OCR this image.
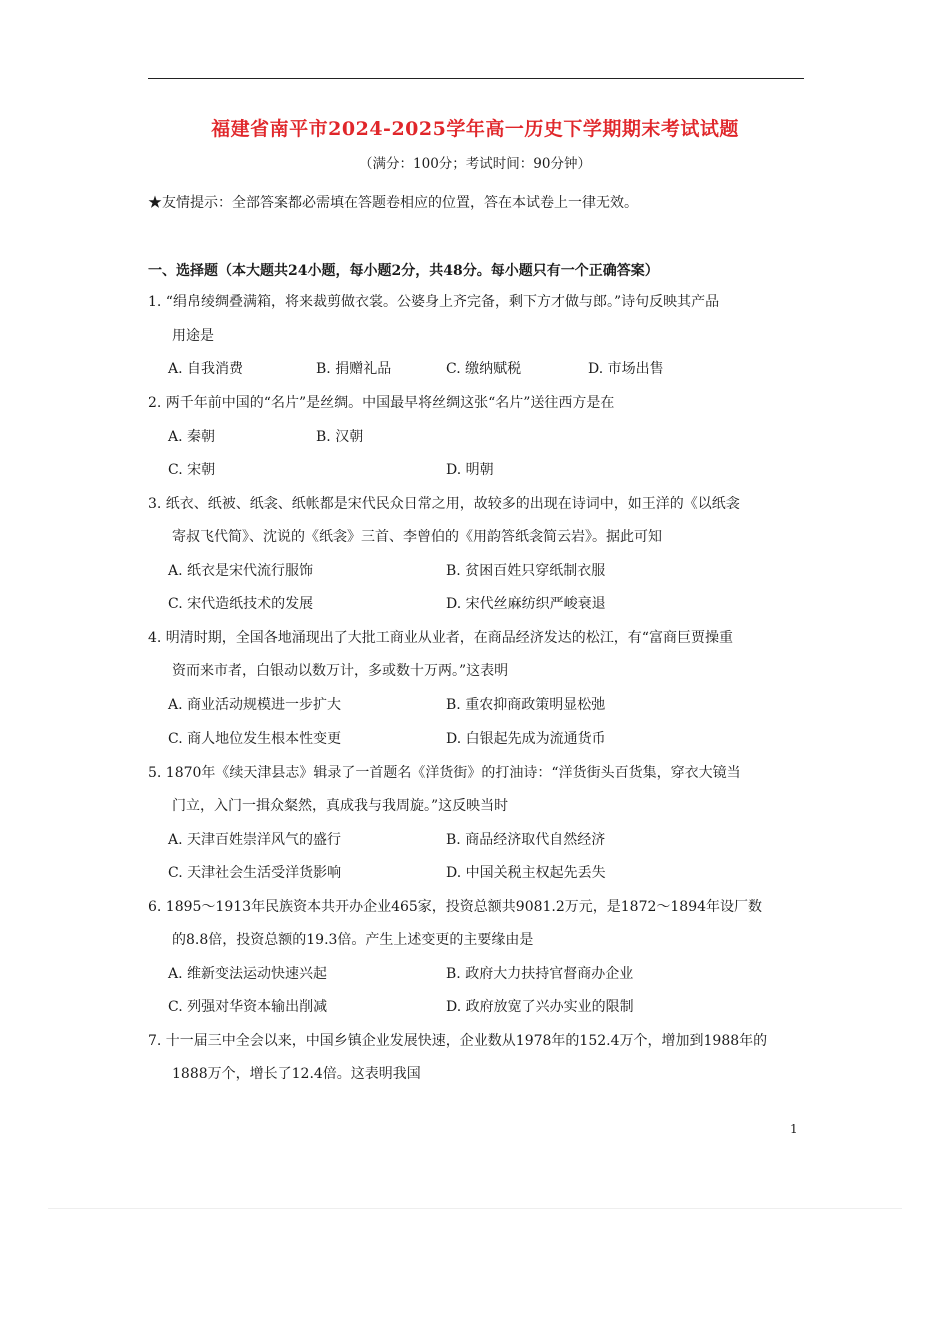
福建省南平市2024-2025学年高一历史下学期期末考试试题
（满分：100分；考试时间：90分钟）
★友情提示：全部答案都必需填在答题卷相应的位置，答在本试卷上一律无效。
一、选择题（本大题共24小题，每小题2分，共48分。每小题只有一个正确答案）
1. “绢帛绫绸叠满箱，将来裁剪做衣裳。公婆身上齐完备，剩下方才做与郎。”诗句反映其产品
用途是
A. 自我消费	B. 捐赠礼品	C. 缴纳赋税	D. 市场出售
2. 两千年前中国的“名片”是丝绸。中国最早将丝绸这张“名片”送往西方是在
A. 秦朝	B. 汉朝
C. 宋朝	D. 明朝
3. 纸衣、纸被、纸衾、纸帐都是宋代民众日常之用，故较多的出现在诗词中，如王洋的《以纸衾
寄叔飞代简》、沈说的《纸衾》三首、李曾伯的《用韵答纸衾简云岩》。据此可知
A. 纸衣是宋代流行服饰	B. 贫困百姓只穿纸制衣服
C. 宋代造纸技术的发展	D. 宋代丝麻纺织严峻衰退
4. 明清时期，全国各地涌现出了大批工商业从业者，在商品经济发达的松江，有“富商巨贾操重
资而来市者，白银动以数万计，多或数十万两。”这表明
A. 商业活动规模进一步扩大	B. 重农抑商政策明显松弛
C. 商人地位发生根本性变更	D. 白银起先成为流通货币
5. 1870年《续天津县志》辑录了一首题名《洋货街》的打油诗：“洋货街头百货集，穿衣大镜当
门立，入门一揖众粲然，真成我与我周旋。”这反映当时
A. 天津百姓崇洋风气的盛行	B. 商品经济取代自然经济
C. 天津社会生活受洋货影响	D. 中国关税主权起先丢失
6. 1895～1913年民族资本共开办企业465家，投资总额共9081.2万元，是1872～1894年设厂数
的8.8倍，投资总额的19.3倍。产生上述变更的主要缘由是
A. 维新变法运动快速兴起	B. 政府大力扶持官督商办企业
C. 列强对华资本输出削减	D. 政府放宽了兴办实业的限制
7. 十一届三中全会以来，中国乡镇企业发展快速，企业数从1978年的152.4万个，增加到1988年的
1888万个，增长了12.4倍。这表明我国
1
